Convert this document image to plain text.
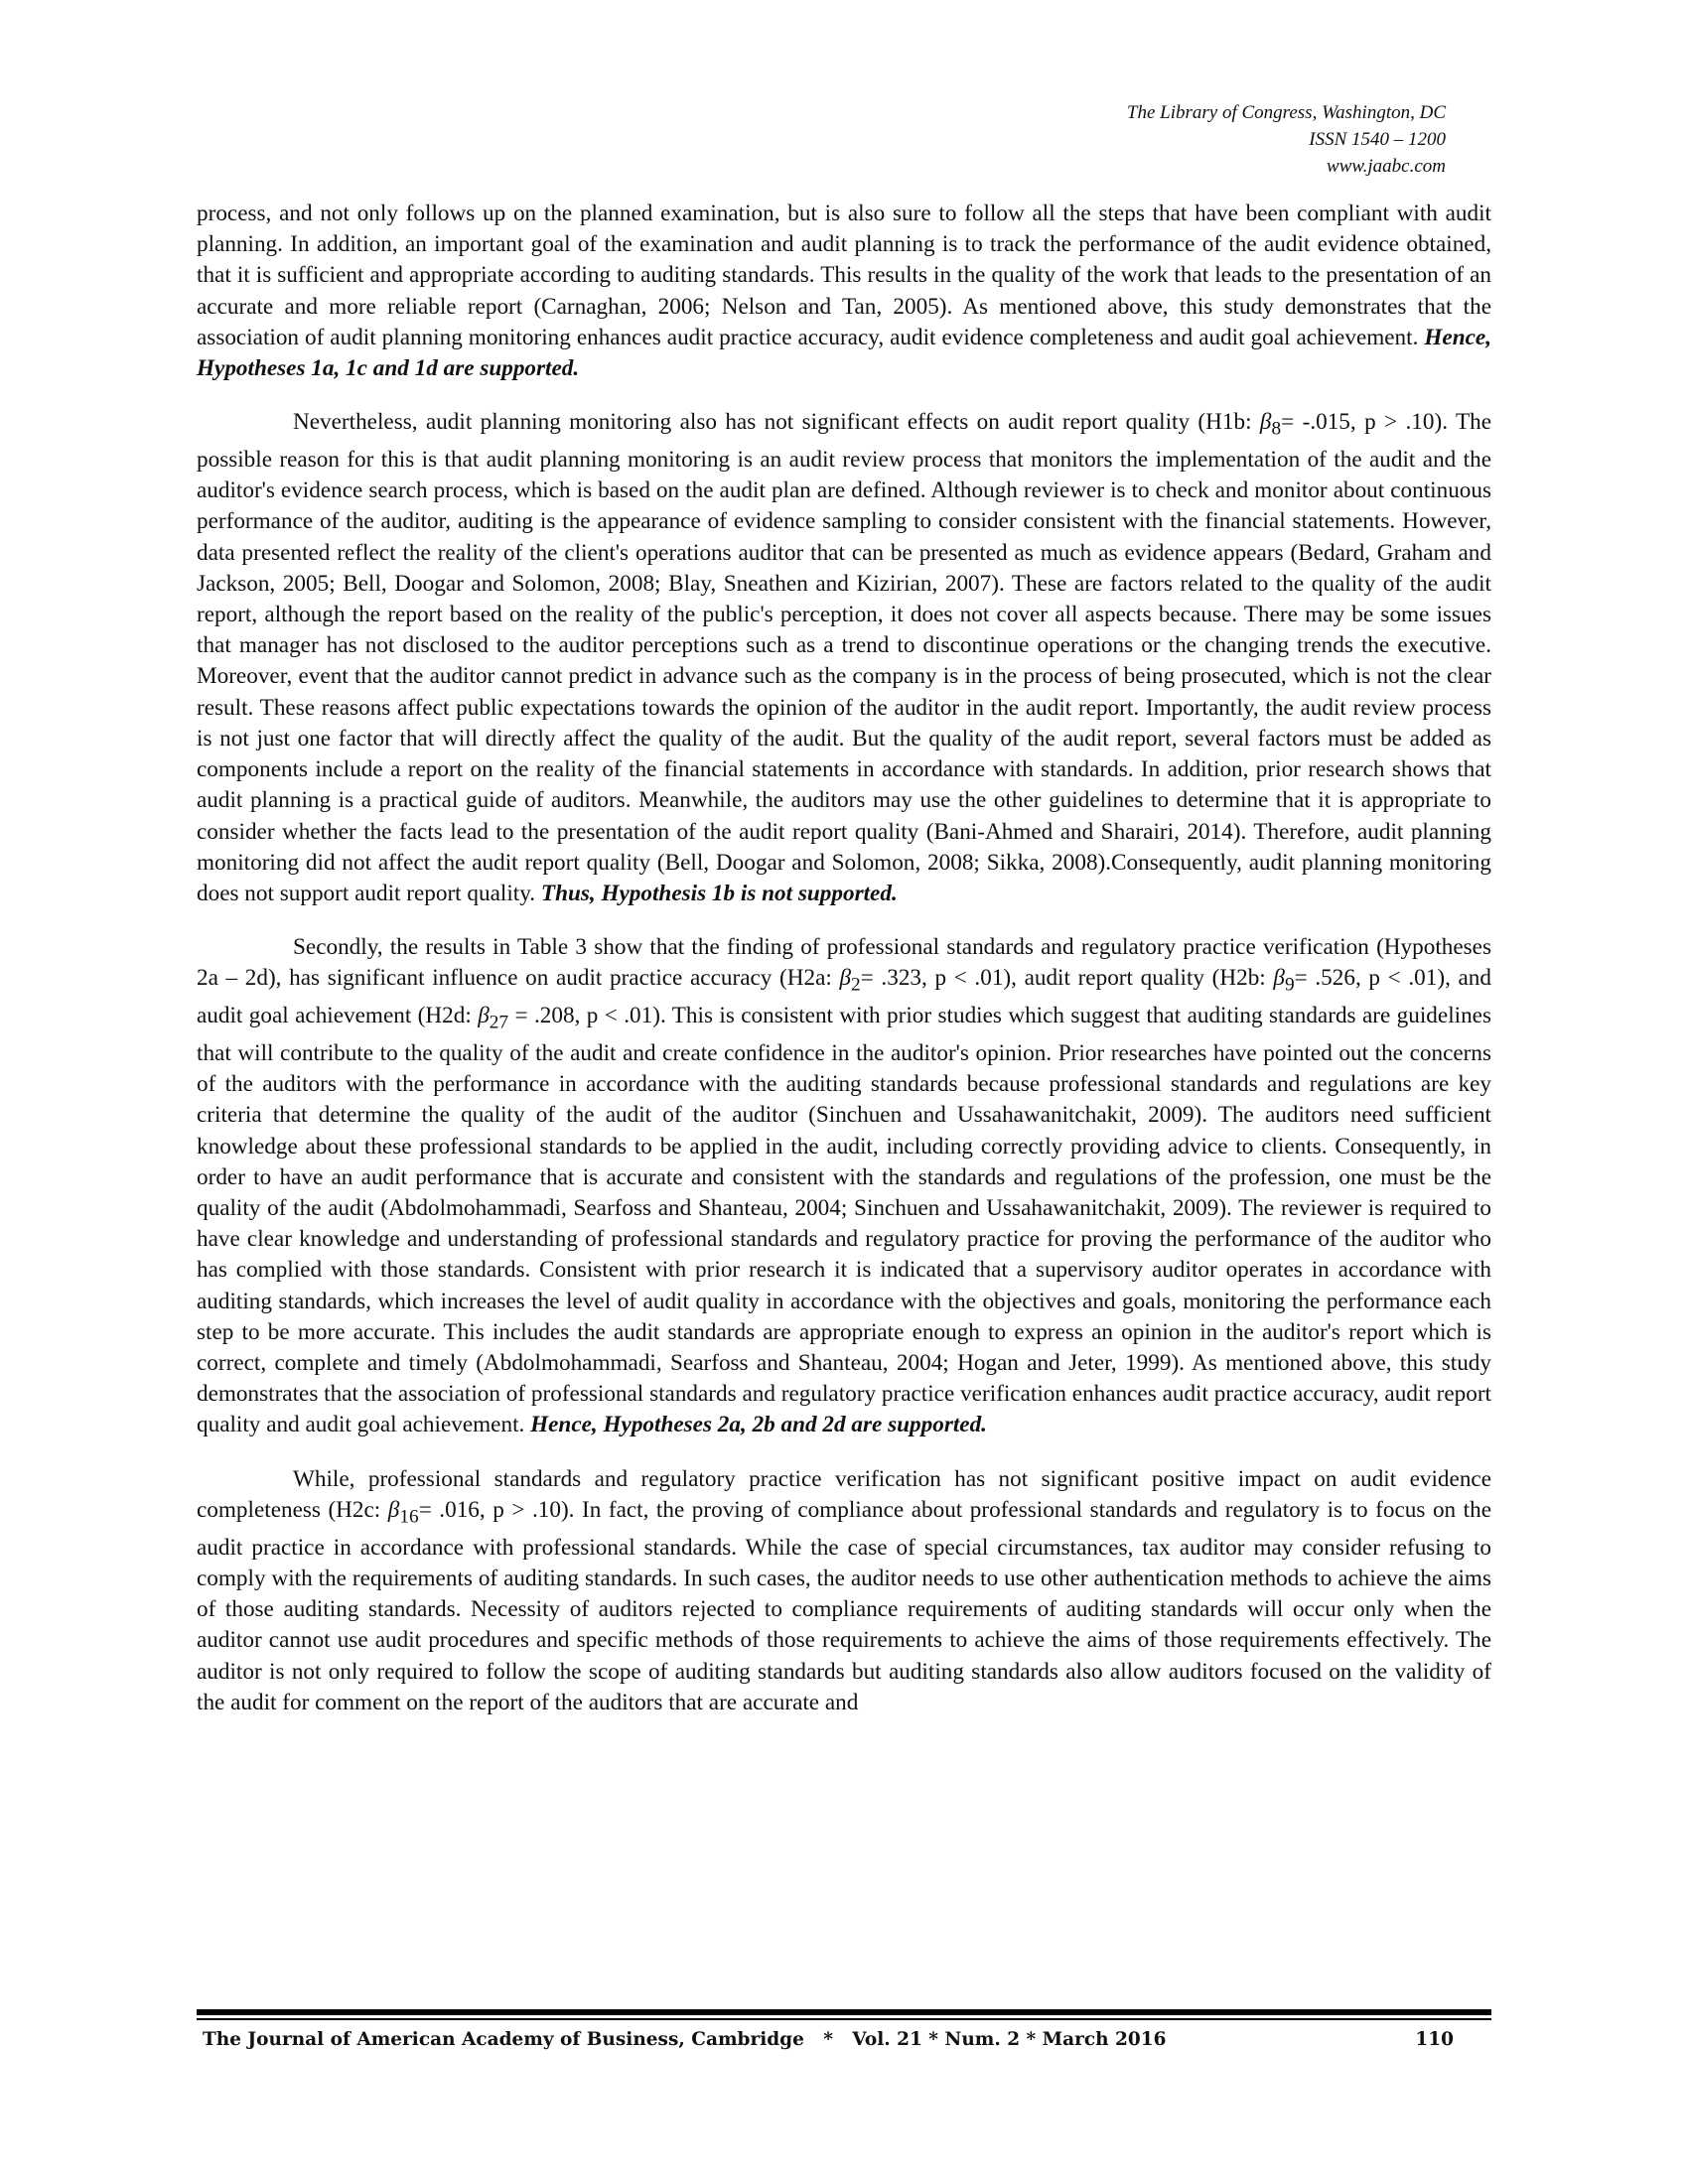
The Library of Congress, Washington, DC
ISSN 1540 – 1200
www.jaabc.com

process, and not only follows up on the planned examination, but is also sure to follow all the steps that have been compliant with audit planning. In addition, an important goal of the examination and audit planning is to track the performance of the audit evidence obtained, that it is sufficient and appropriate according to auditing standards. This results in the quality of the work that leads to the presentation of an accurate and more reliable report (Carnaghan, 2006; Nelson and Tan, 2005). As mentioned above, this study demonstrates that the association of audit planning monitoring enhances audit practice accuracy, audit evidence completeness and audit goal achievement. Hence, Hypotheses 1a, 1c and 1d are supported.

Nevertheless, audit planning monitoring also has not significant effects on audit report quality (H1b: $\beta_8= -.015$, p > .10). The possible reason for this is that audit planning monitoring is an audit review process that monitors the implementation of the audit and the auditor's evidence search process, which is based on the audit plan are defined. Although reviewer is to check and monitor about continuous performance of the auditor, auditing is the appearance of evidence sampling to consider consistent with the financial statements. However, data presented reflect the reality of the client's operations auditor that can be presented as much as evidence appears (Bedard, Graham and Jackson, 2005; Bell, Doogar and Solomon, 2008; Blay, Sneathen and Kizirian, 2007). These are factors related to the quality of the audit report, although the report based on the reality of the public's perception, it does not cover all aspects because. There may be some issues that manager has not disclosed to the auditor perceptions such as a trend to discontinue operations or the changing trends the executive. Moreover, event that the auditor cannot predict in advance such as the company is in the process of being prosecuted, which is not the clear result. These reasons affect public expectations towards the opinion of the auditor in the audit report. Importantly, the audit review process is not just one factor that will directly affect the quality of the audit. But the quality of the audit report, several factors must be added as components include a report on the reality of the financial statements in accordance with standards. In addition, prior research shows that audit planning is a practical guide of auditors. Meanwhile, the auditors may use the other guidelines to determine that it is appropriate to consider whether the facts lead to the presentation of the audit report quality (Bani-Ahmed and Sharairi, 2014). Therefore, audit planning monitoring did not affect the audit report quality (Bell, Doogar and Solomon, 2008; Sikka, 2008).Consequently, audit planning monitoring does not support audit report quality. Thus, Hypothesis 1b is not supported.

Secondly, the results in Table 3 show that the finding of professional standards and regulatory practice verification (Hypotheses 2a – 2d), has significant influence on audit practice accuracy (H2a: $\beta_2= .323$, p < .01), audit report quality (H2b: $\beta_9= .526$, p < .01), and audit goal achievement (H2d: $\beta_{27} = .208$, p < .01). This is consistent with prior studies which suggest that auditing standards are guidelines that will contribute to the quality of the audit and create confidence in the auditor's opinion. Prior researches have pointed out the concerns of the auditors with the performance in accordance with the auditing standards because professional standards and regulations are key criteria that determine the quality of the audit of the auditor (Sinchuen and Ussahawanitchakit, 2009). The auditors need sufficient knowledge about these professional standards to be applied in the audit, including correctly providing advice to clients. Consequently, in order to have an audit performance that is accurate and consistent with the standards and regulations of the profession, one must be the quality of the audit (Abdolmohammadi, Searfoss and Shanteau, 2004; Sinchuen and Ussahawanitchakit, 2009). The reviewer is required to have clear knowledge and understanding of professional standards and regulatory practice for proving the performance of the auditor who has complied with those standards. Consistent with prior research it is indicated that a supervisory auditor operates in accordance with auditing standards, which increases the level of audit quality in accordance with the objectives and goals, monitoring the performance each step to be more accurate. This includes the audit standards are appropriate enough to express an opinion in the auditor's report which is correct, complete and timely (Abdolmohammadi, Searfoss and Shanteau, 2004; Hogan and Jeter, 1999). As mentioned above, this study demonstrates that the association of professional standards and regulatory practice verification enhances audit practice accuracy, audit report quality and audit goal achievement. Hence, Hypotheses 2a, 2b and 2d are supported.

While, professional standards and regulatory practice verification has not significant positive impact on audit evidence completeness (H2c: $\beta_{16}= .016$, p > .10). In fact, the proving of compliance about professional standards and regulatory is to focus on the audit practice in accordance with professional standards. While the case of special circumstances, tax auditor may consider refusing to comply with the requirements of auditing standards. In such cases, the auditor needs to use other authentication methods to achieve the aims of those auditing standards. Necessity of auditors rejected to compliance requirements of auditing standards will occur only when the auditor cannot use audit procedures and specific methods of those requirements to achieve the aims of those requirements effectively. The auditor is not only required to follow the scope of auditing standards but auditing standards also allow auditors focused on the validity of the audit for comment on the report of the auditors that are accurate and

The Journal of American Academy of Business, Cambridge   *   Vol. 21 * Num. 2 * March 2016	110
